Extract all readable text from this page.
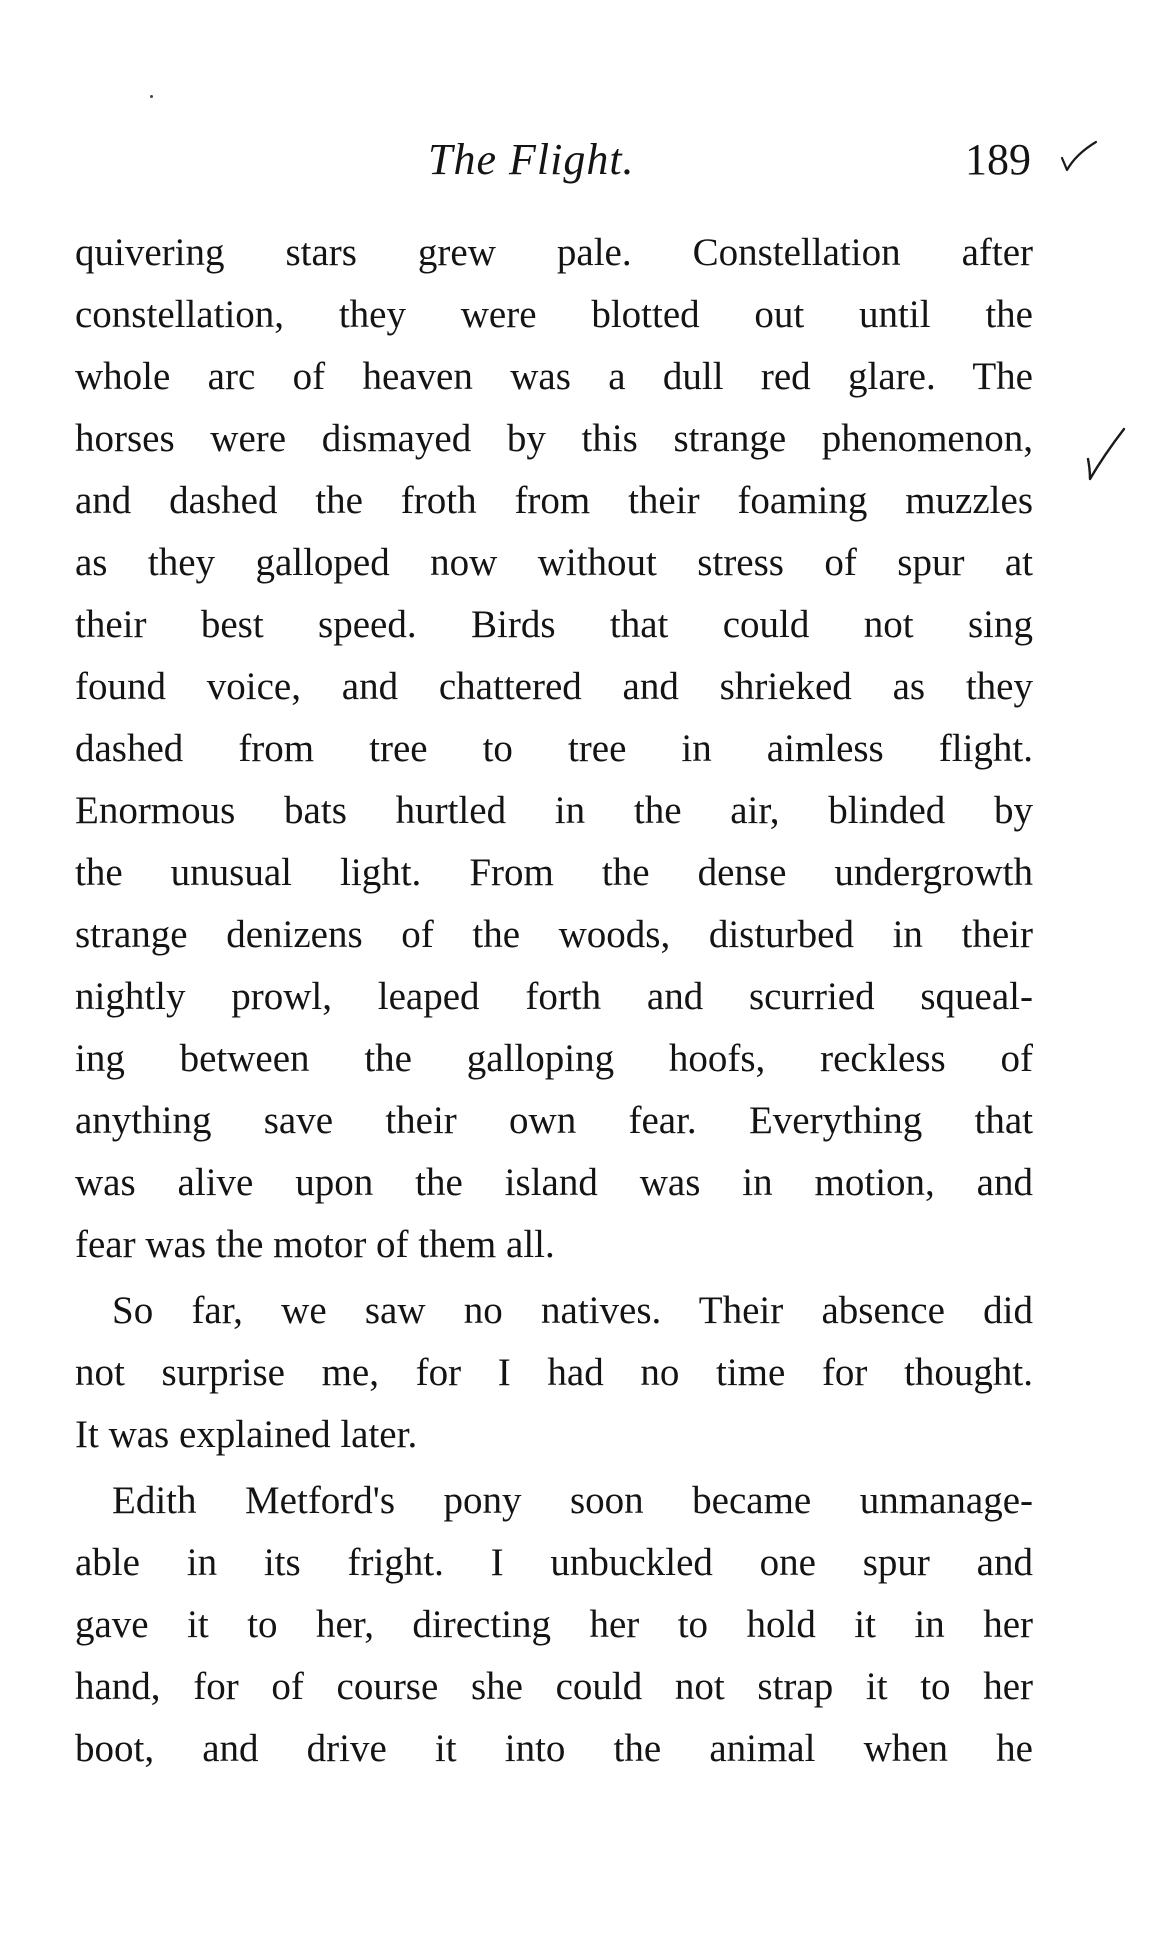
The Flight.	189

quivering stars grew pale. Constellation after
constellation, they were blotted out until the
whole arc of heaven was a dull red glare. The
horses were dismayed by this strange phenomenon,
and dashed the froth from their foaming muzzles
as they galloped now without stress of spur at
their best speed. Birds that could not sing
found voice, and chattered and shrieked as they
dashed from tree to tree in aimless flight.
Enormous bats hurtled in the air, blinded by
the unusual light. From the dense undergrowth
strange denizens of the woods, disturbed in their
nightly prowl, leaped forth and scurried squeal-
ing between the galloping hoofs, reckless of
anything save their own fear. Everything that
was alive upon the island was in motion, and
fear was the motor of them all.

So far, we saw no natives. Their absence did
not surprise me, for I had no time for thought.
It was explained later.

Edith Metford's pony soon became unmanage-
able in its fright. I unbuckled one spur and
gave it to her, directing her to hold it in her
hand, for of course she could not strap it to her
boot, and drive it into the animal when he
